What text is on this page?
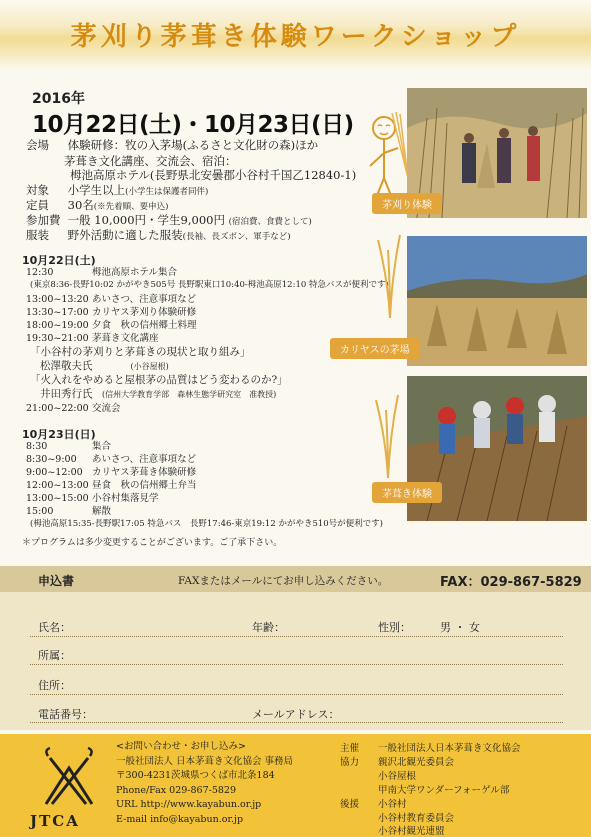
茅刈り茅葺き体験ワークショップ
2016年
10月22日(土)・10月23日(日)
会場 体験研修：牧の入茅場(ふるさと文化財の森)ほか
茅葺き文化講座、交流会、宿泊：
栂池高原ホテル(長野県北安曇郡小谷村千国乙12840-1)
対象 小学生以上(小学生は保護者同伴)
定員 30名(※先着順、要申込)
参加費 一般 10,000円・学生9,000円 (宿泊費、食費として)
服装 野外活動に適した服装(長袖、長ズボン、軍手など)
10月22日(土)
12:30	栂池高原ホテル集合
(東京8:36-長野10:02 かがやき505号 長野駅東口10:40-栂池高原12:10 特急バスが便利です)
13:00~13:20 あいさつ、注意事項など
13:30~17:00 カリヤス茅刈り体験研修
18:00~19:00 夕食　秋の信州郷土料理
19:30~21:00 茅葺き文化講座
「小谷村の茅刈りと茅葺きの現状と取り組み」
松澤敬夫氏　　　　	(小谷屋根)
「火入れをやめると屋根茅の品質はどう変わるのか?」
井田秀行氏　 (信州大学教育学部　森林生態学研究室　准教授)
21:00~22:00 交流会
10月23日(日)
8:30	集合
8:30~9:00 あいさつ、注意事項など
9:00~12:00 カリヤス茅葺き体験研修
12:00~13:00 昼食　秋の信州郷土弁当
13:00~15:00 小谷村集落見学
15:00	解散
(栂池高原15:35-長野駅17:05 特急バス　長野17:46-東京19:12 かがやき510号が便利です)
＊プログラムは多少変更することがございます。ご了承下さい。
茅刈り体験
カリヤスの茅場
茅葺き体験
申込書	FAXまたはメールにてお申し込みください。	FAX：029-867-5829
氏名：	年齢：	性別：	男 ・ 女
所属：
住所：
電話番号：	メールアドレス：
JTCA
<お問い合わせ・お申し込み>
一般社団法人 日本茅葺き文化協会 事務局
〒300-4231茨城県つくば市北条184
Phone/Fax 029-867-5829
URL http://www.kayabun.or.jp
E-mail info@kayabun.or.jp
主催 一般社団法人日本茅葺き文化協会
協力 親沢北観光委員会
小谷屋根
甲南大学ワンダーフォーゲル部
後援 小谷村
小谷村教育委員会
小谷村観光連盟
